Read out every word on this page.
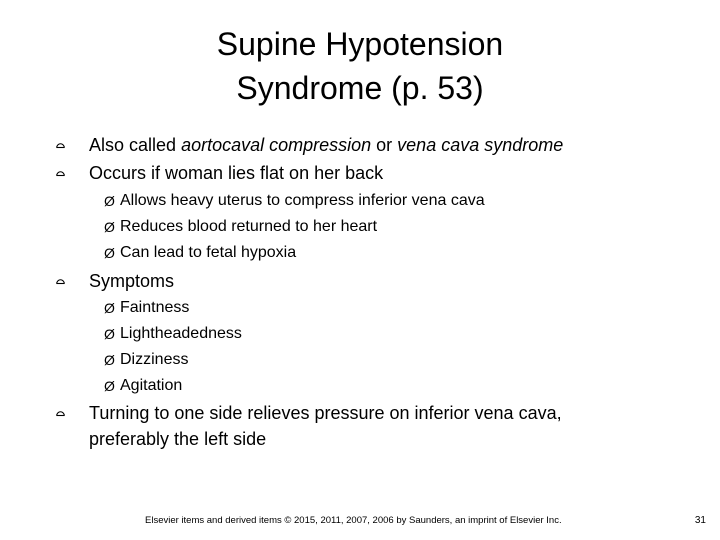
Supine Hypotension
Syndrome (p. 53)
Also called aortocaval compression or vena cava syndrome
Occurs if woman lies flat on her back
Ø Allows heavy uterus to compress inferior vena cava
Ø Reduces blood returned to her heart
Ø Can lead to fetal hypoxia
Symptoms
Ø Faintness
Ø Lightheadedness
Ø Dizziness
Ø Agitation
Turning to one side relieves pressure on inferior vena cava,
preferably the left side
Elsevier items and derived items © 2015, 2011, 2007, 2006 by Saunders, an imprint of Elsevier Inc.	31
